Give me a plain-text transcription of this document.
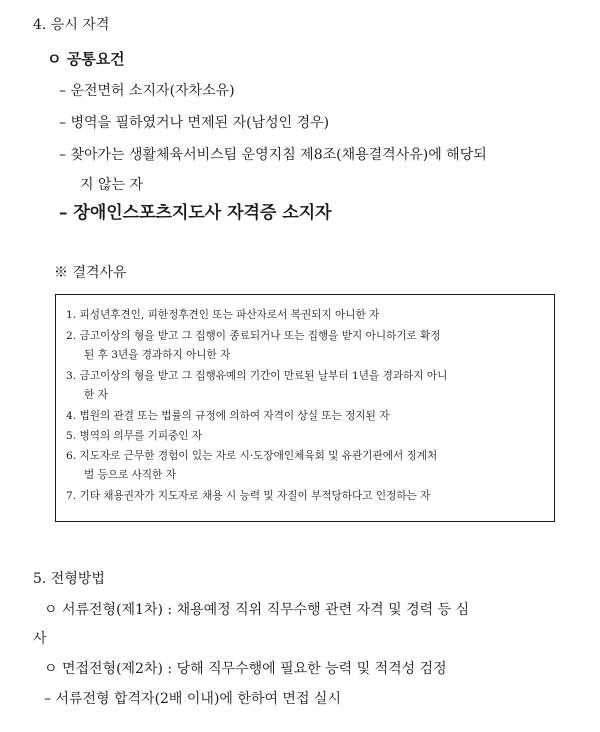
4. 응시 자격
ㅇ 공통요건
– 운전면허 소지자(자차소유)
– 병역을 필하였거나 면제된 자(남성인 경우)
– 찾아가는 생활체육서비스팀 운영지침 제8조(채용결격사유)에 해당되
지 않는 자
– 장애인스포츠지도사 자격증 소지자
※ 결격사유
1. 피성년후견인, 피한정후견인 또는 파산자로서 복권되지 아니한 자
2. 금고이상의 형을 받고 그 집행이 종료되거나 또는 집행을 받지 아니하기로 확정
된 후 3년을 경과하지 아니한 자
3. 금고이상의 형을 받고 그 집행유예의 기간이 만료된 날부터 1년을 경과하지 아니
한 자
4. 법원의 관결 또는 법률의 규정에 의하여 자격이 상실 또는 정지된 자
5. 병역의 의무를 기피중인 자
6. 지도자로 근무한 경험이 있는 자로 시·도장애인체육회 및 유관기관에서 징계처
벌 등으로 사직한 자
7. 기타 채용권자가 지도자로 채용 시 능력 및 자질이 부적당하다고 인정하는 자
5. 전형방법
ㅇ 서류전형(제1차) : 채용예정 직위 직무수행 관련 자격 및 경력 등 심
사
ㅇ 면접전형(제2차) : 당해 직무수행에 필요한 능력 및 적격성 검정
– 서류전형 합격자(2배 이내)에 한하여 면접 실시
